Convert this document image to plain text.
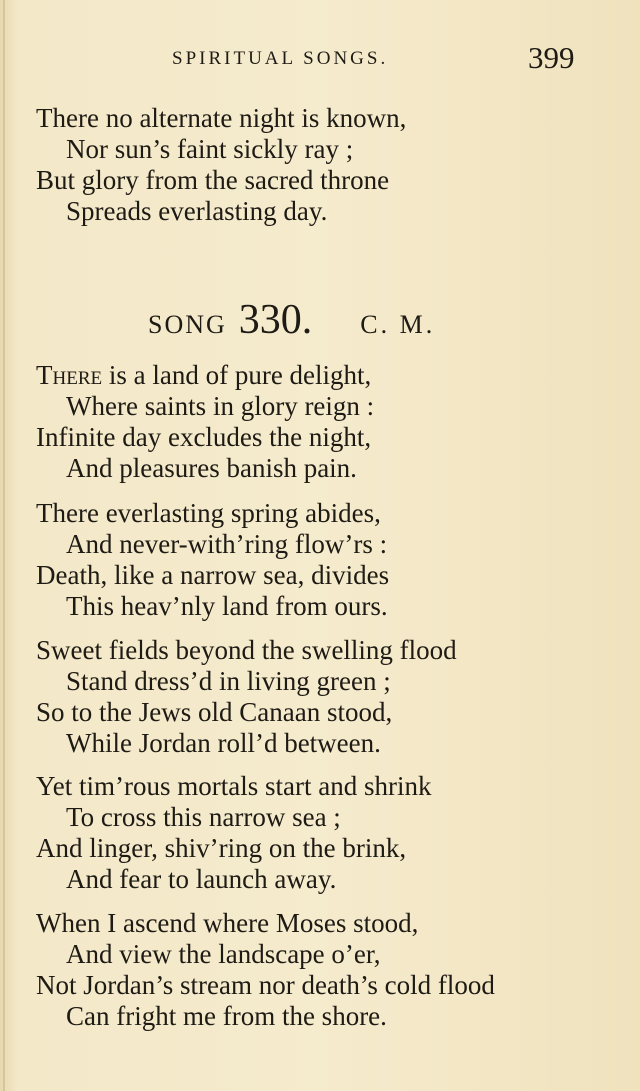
SPIRITUAL SONGS.	399
There no alternate night is known,
Nor sun’s faint sickly ray ;
But glory from the sacred throne
Spreads everlasting day.
SONG 330. C. M.
There is a land of pure delight,
Where saints in glory reign :
Infinite day excludes the night,
And pleasures banish pain.
There everlasting spring abides,
And never-with’ring flow’rs :
Death, like a narrow sea, divides
This heav’nly land from ours.
Sweet fields beyond the swelling flood
Stand dress’d in living green ;
So to the Jews old Canaan stood,
While Jordan roll’d between.
Yet tim’rous mortals start and shrink
To cross this narrow sea ;
And linger, shiv’ring on the brink,
And fear to launch away.
When I ascend where Moses stood,
And view the landscape o’er,
Not Jordan’s stream nor death’s cold flood
Can fright me from the shore.
